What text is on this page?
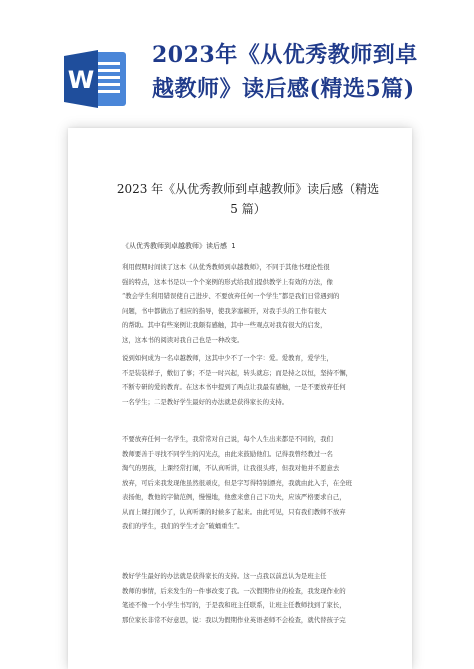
W
2023年《从优秀教师到卓
越教师》读后感(精选5篇)
2023 年《从优秀教师到卓越教师》读后感（精选
5 篇）
《从优秀教师到卓越教师》读后感 1
利用假期时间读了这本《从优秀教师到卓越教师》，不同于其他书理论性很
强的特点，这本书是以一个个案例的形式给我们提供教学上有效的方法，像
“教会学生利用错误使自己进步、不要放弃任何一个学生”都是我们日常遇到的
问题，书中都做出了相应的指导，使我茅塞顿开，对我手头的工作有很大
的帮助。其中有些案例让我颇有感触，其中一些观点对我有很大的启发，
这，这本书的阅读对我自己也是一种改变。
说到如何成为一名卓越教师，这其中少不了一个字：爱。爱教育，爱学生，
不是装装样子，敷衍了事；不是一时兴起，转头就忘；而是持之以恒，坚持不懈，
不断专研的爱的教育。在这本书中提到了两点让我最有感触，一是不要放弃任何
一名学生；二是教好学生最好的办法就是获得家长的支持。
不要放弃任何一名学生，我常常对自己说，每个人生出来都是不同的，我们
教师要善于寻找不同学生的闪光点，由此来鼓励他们。记得我曾经教过一名
淘气的男孩，上课经常打闹，不认真听讲，让我很头疼，但我对他并不愿意去
放弃，可后来我发现他虽然很顽皮，但是字写得特别漂亮，我就由此入手，在全班
表扬他，教他的字做范例，慢慢地，他愈来愈自己下功夫，应该严格要求自己，
从而上课打闹少了，认真听课的时候多了起来。由此可见，只有我们教师不放弃
我们的学生，我们的学生才会“破蛹重生”。
教好学生最好的办法就是获得家长的支持。这一点我以前总认为是班主任
教师的事情，后来发生的一件事改变了我。一次假期作业的检查，我发现作业的
笔迹不像一个小学生书写的，于是我和班主任联系，让班主任教师找到了家长，
那位家长非常不好意思，说：我以为假期作业英语老师不会检查，就代替孩子完
